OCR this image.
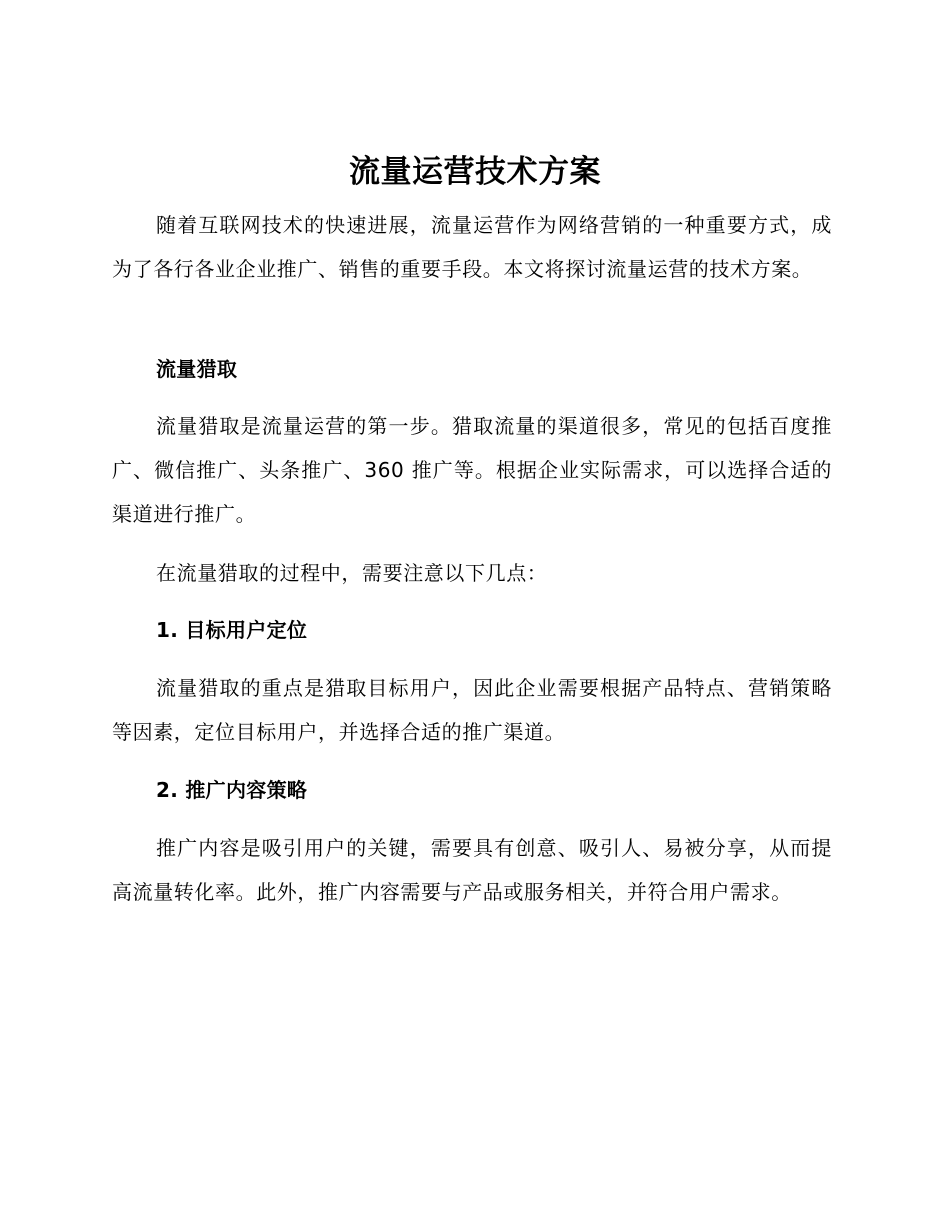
流量运营技术方案

随着互联网技术的快速进展，流量运营作为网络营销的一种重要方式，成为了各行各业企业推广、销售的重要手段。本文将探讨流量运营的技术方案。

流量猎取

流量猎取是流量运营的第一步。猎取流量的渠道很多，常见的包括百度推广、微信推广、头条推广、360 推广等。根据企业实际需求，可以选择合适的渠道进行推广。

在流量猎取的过程中，需要注意以下几点：

1. 目标用户定位

流量猎取的重点是猎取目标用户，因此企业需要根据产品特点、营销策略等因素，定位目标用户，并选择合适的推广渠道。

2. 推广内容策略

推广内容是吸引用户的关键，需要具有创意、吸引人、易被分享，从而提高流量转化率。此外，推广内容需要与产品或服务相关，并符合用户需求。
